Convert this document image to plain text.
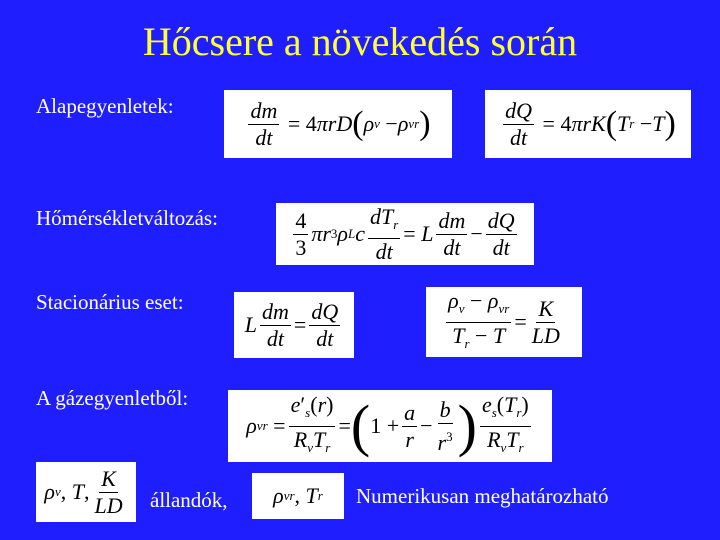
Hőcsere a növekedés során
Alapegyenletek:	$\frac{dm}{dt} = 4\pi rD$ ( ρ v − ρ vr )	$\frac{dQ}{dt} = 4\pi rK$ ( T r − T )
Hőmérsékletváltozás:	$\frac{4}{3}$ πr 3 ρ L c $\frac{dT_r}{dt} = L \frac{dm}{dt} - \frac{dQ}{dt}$
Stacionárius eset:
L $\frac{dm}{dt} = \frac{dQ}{dt}$	$\frac{\rho_v - \rho_{vr}}{T_r - T} = \frac{K}{LD}$
A gázegyenletből:
ρ vr = $\frac{e'_s(r)}{R_vT_r}$ = ( $1 + \frac{a}{r} - \frac{b}{r^3}$ ) $\frac{e_s(T_r)}{R_vT_r}$
ρ v , T , $\frac{K}{LD}$ állandók, ρ vr , T r Numerikusan meghatározható
